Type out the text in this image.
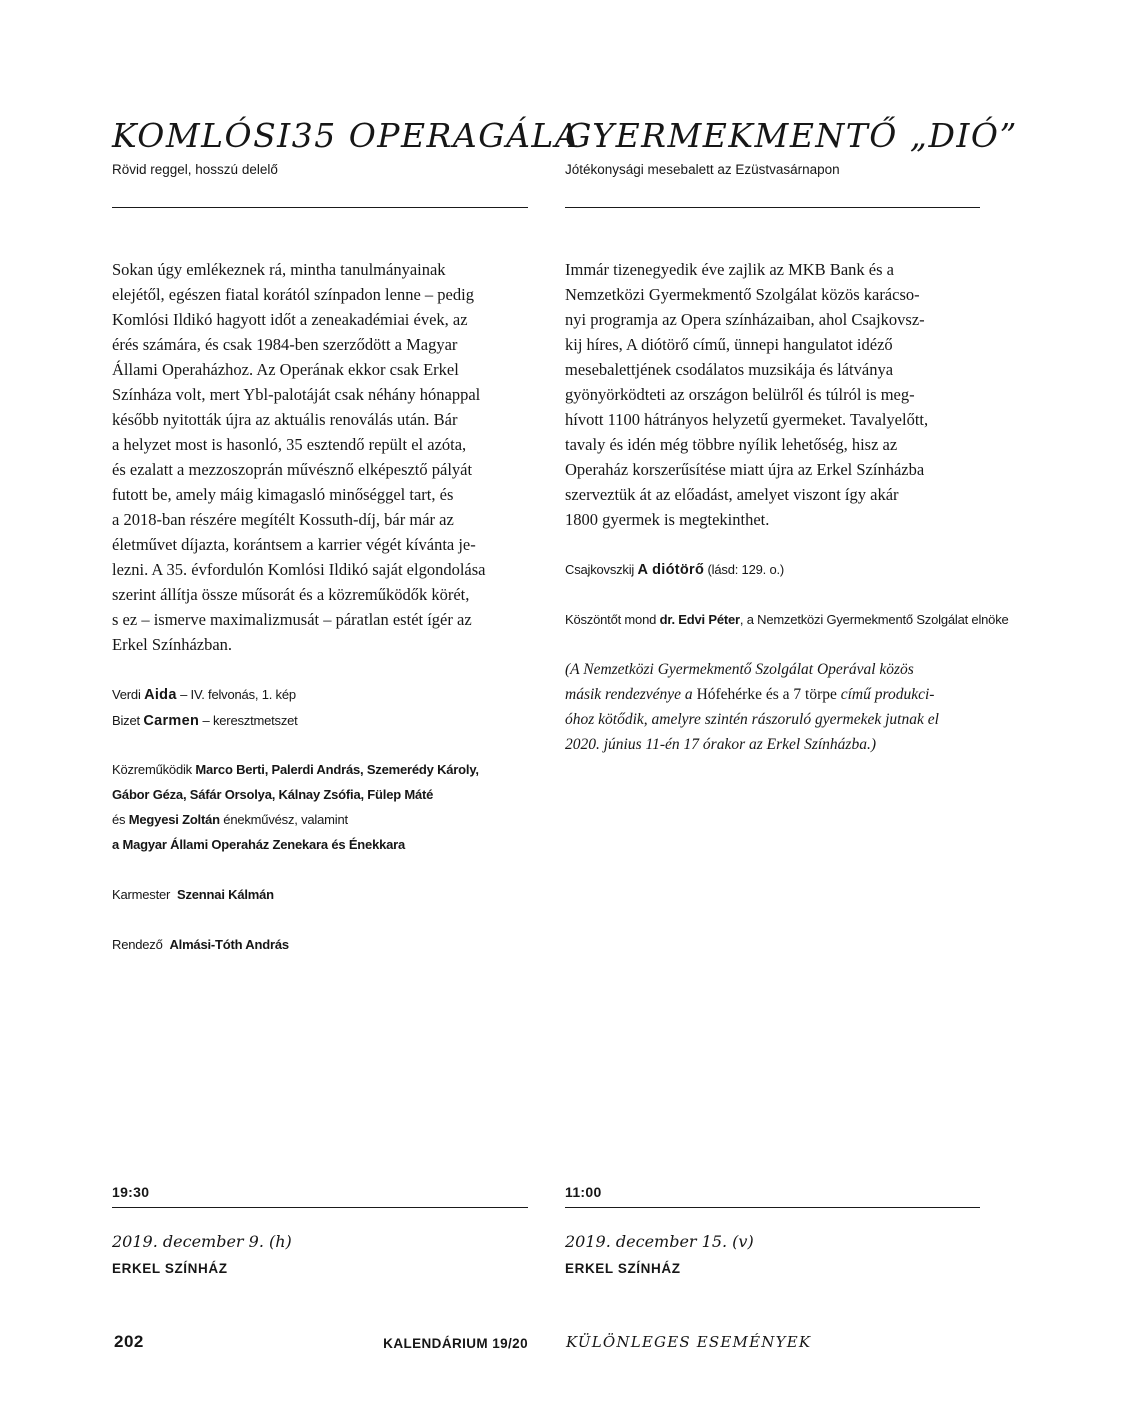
KOMLÓSI35 OPERAGÁLA
Rövid reggel, hosszú delelő
Sokan úgy emlékeznek rá, mintha tanulmányainak
elejétől, egészen fiatal korától színpadon lenne – pedig
Komlósi Ildikó hagyott időt a zeneakadémiai évek, az
érés számára, és csak 1984-ben szerződött a Magyar
Állami Operaházhoz. Az Operának ekkor csak Erkel
Színháza volt, mert Ybl-palotáját csak néhány hónappal
később nyitották újra az aktuális renoválás után. Bár
a helyzet most is hasonló, 35 esztendő repült el azóta,
és ezalatt a mezzoszoprán művésznő elképesztő pályát
futott be, amely máig kimagasló minőséggel tart, és
a 2018-ban részére megítélt Kossuth-díj, bár már az
életművet díjazta, korántsem a karrier végét kívánta je-
lezni. A 35. évfordulón Komlósi Ildikó saját elgondolása
szerint állítja össze műsorát és a közreműködők körét,
s ez – ismerve maximalizmusát – páratlan estét ígér az
Erkel Színházban.
Verdi Aida – IV. felvonás, 1. kép
Bizet Carmen – keresztmetszet
Közreműködik Marco Berti, Palerdi András, Szemerédy Károly,
Gábor Géza, Sáfár Orsolya, Kálnay Zsófia, Fülep Máté
és Megyesi Zoltán énekművész, valamint
a Magyar Állami Operaház Zenekara és Énekkara
Karmester Szennai Kálmán
Rendező Almási-Tóth András
19:30
2019. december 9. (h)
ERKEL SZÍNHÁZ
GYERMEKMENTŐ „DIÓ”
Jótékonysági mesebalett az Ezüstvasárnapon
Immár tizenegyedik éve zajlik az MKB Bank és a
Nemzetközi Gyermekmentő Szolgálat közös karácso-
nyi programja az Opera színházaiban, ahol Csajkovsz-
kij híres, A diótörő című, ünnepi hangulatot idéző
mesebalettjének csodálatos muzsikája és látványa
gyönyörködteti az országon belülről és túlról is meg-
hívott 1100 hátrányos helyzetű gyermeket. Tavalyelőtt,
tavaly és idén még többre nyílik lehetőség, hisz az
Operaház korszerűsítése miatt újra az Erkel Színházba
szerveztük át az előadást, amelyet viszont így akár
1800 gyermek is megtekinthet.
Csajkovszkij A diótörő (lásd: 129. o.)
Köszöntőt mond dr. Edvi Péter, a Nemzetközi Gyermekmentő Szolgálat elnöke
(A Nemzetközi Gyermekmentő Szolgálat Operával közös
másik rendezvénye a Hófehérke és a 7 törpe című produkci-
óhoz kötődik, amelyre szintén rászoruló gyermekek jutnak el
2020. június 11-én 17 órakor az Erkel Színházba.)
11:00
2019. december 15. (v)
ERKEL SZÍNHÁZ
202	KALENDÁRIUM 19/20	KÜLÖNLEGES ESEMÉNYEK
